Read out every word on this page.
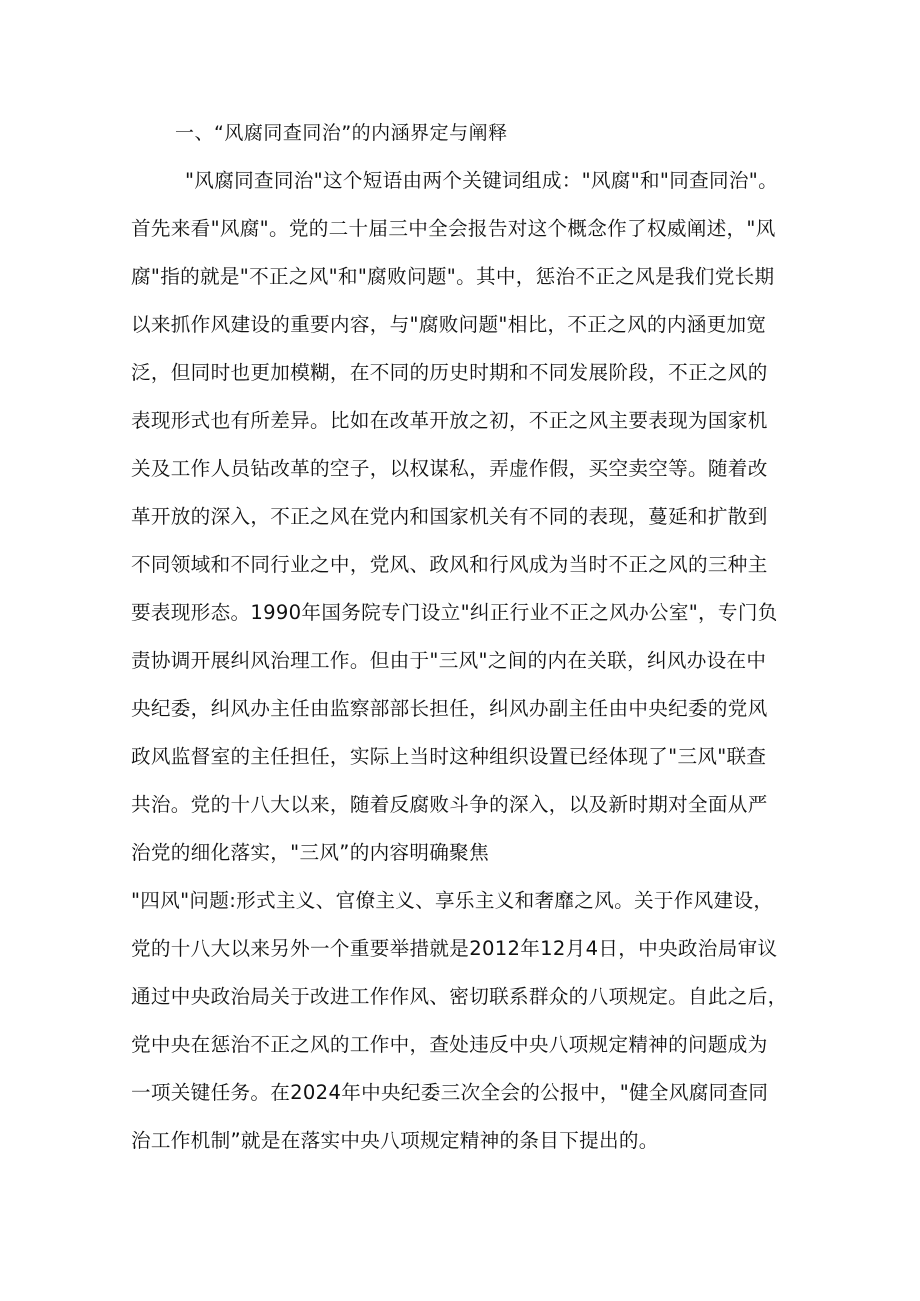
一、“风腐同查同治”的内涵界定与阐释
"风腐同查同治"这个短语由两个关键词组成："风腐"和"同查同治"。
首先来看"风腐"。党的二十届三中全会报告对这个概念作了权威阐述，"风
腐"指的就是"不正之风"和"腐败问题"。其中，惩治不正之风是我们党长期
以来抓作风建设的重要内容，与"腐败问题"相比，不正之风的内涵更加宽
泛，但同时也更加模糊，在不同的历史时期和不同发展阶段，不正之风的
表现形式也有所差异。比如在改革开放之初，不正之风主要表现为国家机
关及工作人员钻改革的空子，以权谋私，弄虚作假，买空卖空等。随着改
革开放的深入，不正之风在党内和国家机关有不同的表现，蔓延和扩散到
不同领域和不同行业之中，党风、政风和行风成为当时不正之风的三种主
要表现形态。1990年国务院专门设立"纠正行业不正之风办公室"，专门负
责协调开展纠风治理工作。但由于"三风"之间的内在关联，纠风办设在中
央纪委，纠风办主任由监察部部长担任，纠风办副主任由中央纪委的党风
政风监督室的主任担任，实际上当时这种组织设置已经体现了"三风"联查
共治。党的十八大以来，随着反腐败斗争的深入，以及新时期对全面从严
治党的细化落实，"三风”的内容明确聚焦
"四风"问题:形式主义、官僚主义、享乐主义和奢靡之风。关于作风建设，
党的十八大以来另外一个重要举措就是2012年12月4日，中央政治局审议
通过中央政治局关于改进工作作风、密切联系群众的八项规定。自此之后，
党中央在惩治不正之风的工作中，查处违反中央八项规定精神的问题成为
一项关键任务。在2024年中央纪委三次全会的公报中，"健全风腐同查同
治工作机制”就是在落实中央八项规定精神的条目下提出的。
